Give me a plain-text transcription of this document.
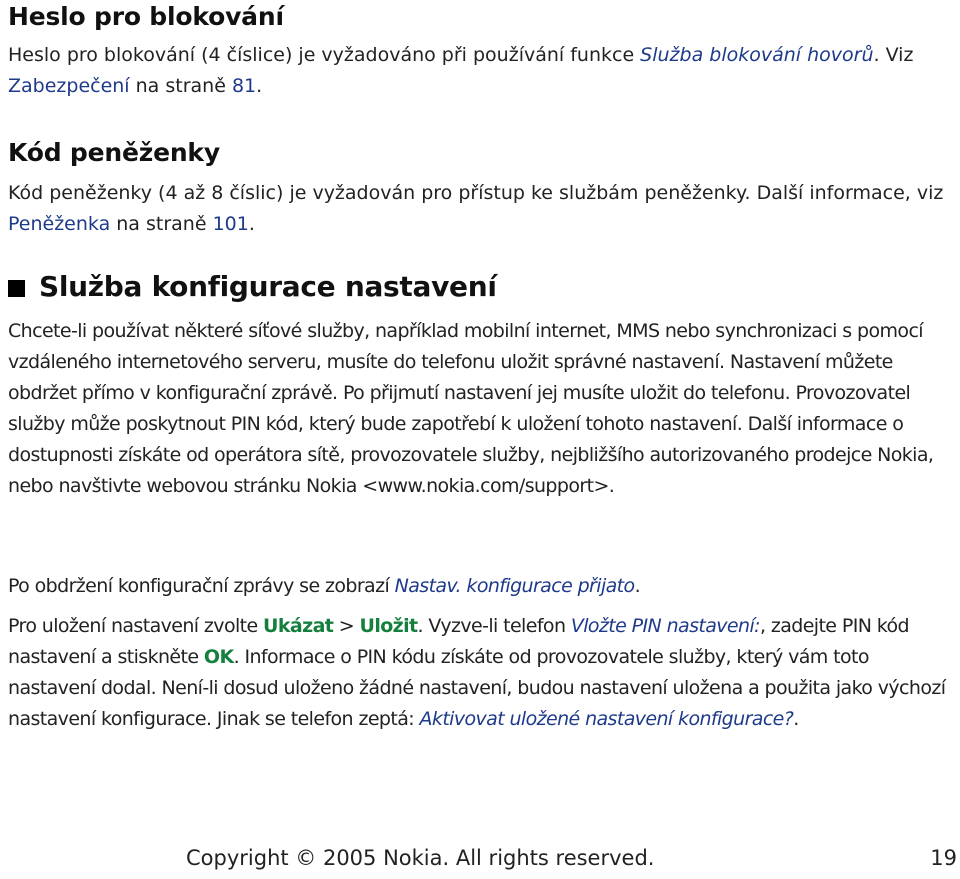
Heslo pro blokování

Heslo pro blokování (4 číslice) je vyžadováno při používání funkce Služba blokování hovorů. Viz Zabezpečení na straně 81.

Kód peněženky

Kód peněženky (4 až 8 číslic) je vyžadován pro přístup ke službám peněženky. Další informace, viz Peněženka na straně 101.

Služba konfigurace nastavení

Chcete-li používat některé síťové služby, například mobilní internet, MMS nebo synchronizaci s pomocí vzdáleného internetového serveru, musíte do telefonu uložit správné nastavení. Nastavení můžete obdržet přímo v konfigurační zprávě. Po přijmutí nastavení jej musíte uložit do telefonu. Provozovatel služby může poskytnout PIN kód, který bude zapotřebí k uložení tohoto nastavení. Další informace o dostupnosti získáte od operátora sítě, provozovatele služby, nejbližšího autorizovaného prodejce Nokia, nebo navštivte webovou stránku Nokia <www.nokia.com/support>.

Po obdržení konfigurační zprávy se zobrazí Nastav. konfigurace přijato.

Pro uložení nastavení zvolte Ukázat > Uložit. Vyzve-li telefon Vložte PIN nastavení:, zadejte PIN kód nastavení a stiskněte OK. Informace o PIN kódu získáte od provozovatele služby, který vám toto nastavení dodal. Není-li dosud uloženo žádné nastavení, budou nastavení uložena a použita jako výchozí nastavení konfigurace. Jinak se telefon zeptá: Aktivovat uložené nastavení konfigurace?.

Copyright © 2005 Nokia. All rights reserved.	19
